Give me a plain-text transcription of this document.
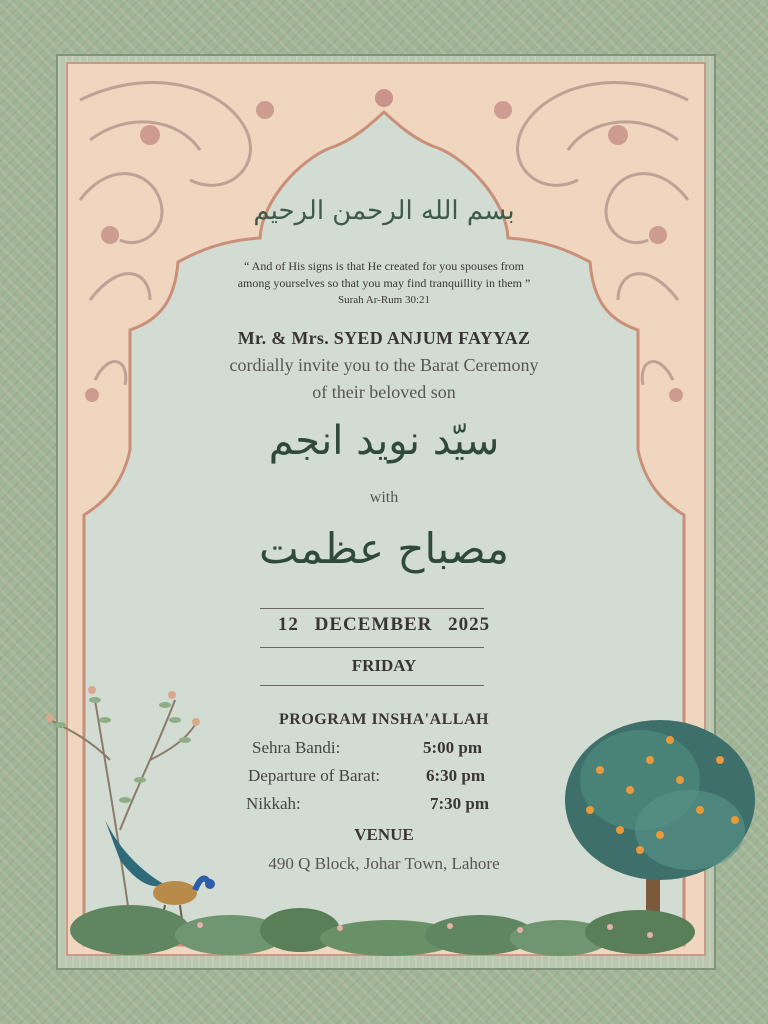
بسم الله الرحمن الرحیم

“ And of His signs is that He created for you spouses from
among yourselves so that you may find tranquillity in them ”
Surah Ar-Rum 30:21

Mr. & Mrs. SYED ANJUM FAYYAZ

cordially invite you to the Barat Ceremony

of their beloved son

سیّد نوید انجم

with

مصباح عظمت

12 DECEMBER 2025

FRIDAY

PROGRAM INSHA'ALLAH

Sehra Bandi:	5:00 pm
Departure of Barat:	6:30 pm
Nikkah:	7:30 pm

VENUE

490 Q Block, Johar Town, Lahore
